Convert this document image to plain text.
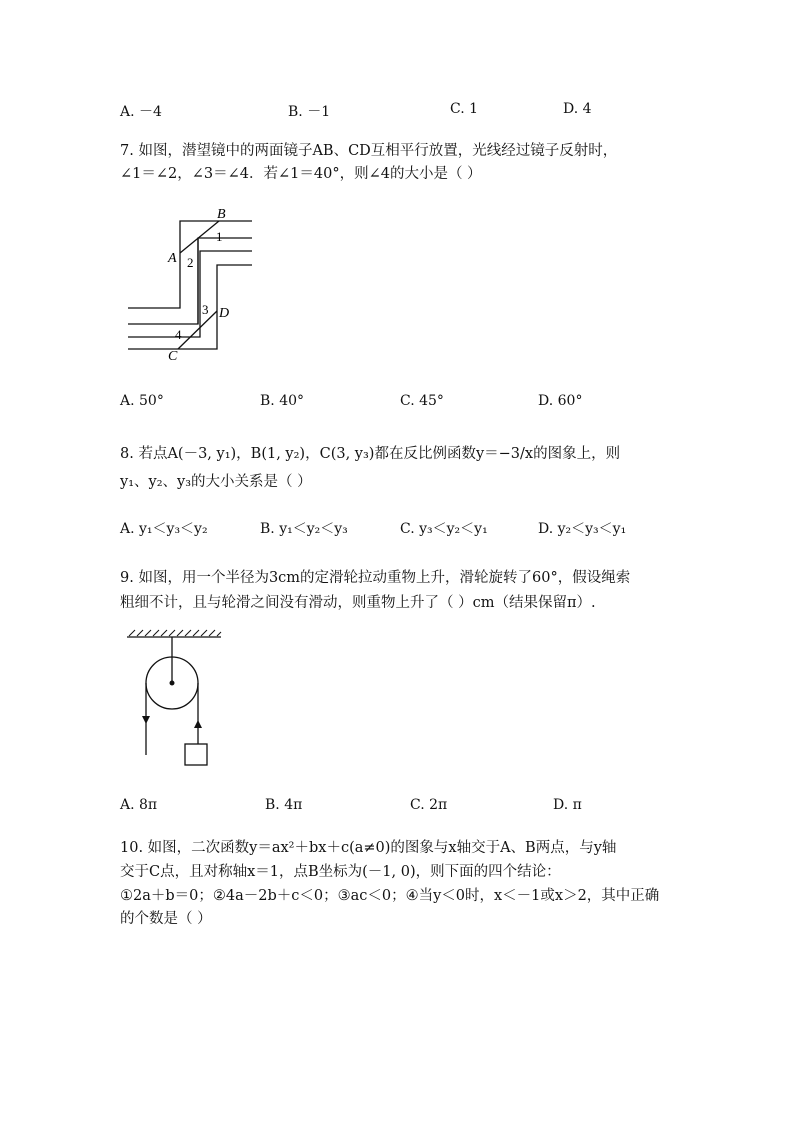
A. －4	B. －1	C. 1	D. 4
7. 如图，潜望镜中的两面镜子AB、CD互相平行放置，光线经过镜子反射时，
∠1＝∠2，∠3＝∠4．若∠1＝40°，则∠4的大小是（ ）
B
A
C
D
1
2
3
4
A. 50°	B. 40°	C. 45°	D. 60°
8. 若点A(－3, y₁)，B(1, y₂)，C(3, y₃)都在反比例函数y＝−3/x的图象上，则
y₁、y₂、y₃的大小关系是（ ）
A. y₁＜y₃＜y₂	B. y₁＜y₂＜y₃	C. y₃＜y₂＜y₁	D. y₂＜y₃＜y₁
9. 如图，用一个半径为3cm的定滑轮拉动重物上升，滑轮旋转了60°，假设绳索
粗细不计，且与轮滑之间没有滑动，则重物上升了（ ）cm（结果保留π）.
A. 8π	B. 4π	C. 2π	D. π
10. 如图，二次函数y＝ax²＋bx＋c(a≠0)的图象与x轴交于A、B两点，与y轴
交于C点，且对称轴x＝1，点B坐标为(－1, 0)，则下面的四个结论：
①2a＋b＝0；②4a－2b＋c＜0；③ac＜0；④当y＜0时，x＜－1或x＞2，其中正确
的个数是（ ）
